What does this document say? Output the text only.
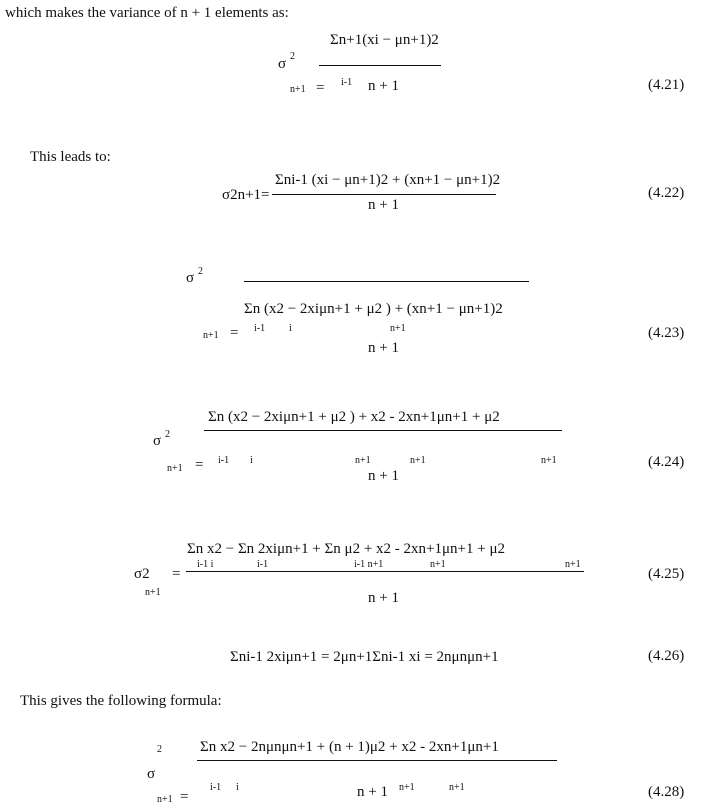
which makes the variance of n + 1 elements as:
σ 2
n+1 =
Σn+1(xi − μn+1)2
i-1 n + 1	(4.21)
This leads to:
σ2n+1 =
Σni-1 (xi − μn+1)2 + (xn+1 − μn+1)2
n + 1
(4.22)
σ 2
Σn (x2 − 2xiμn+1 + μ2 ) + (xn+1 − μn+1)2
i-1 i	n+1
n+1 =
n + 1
(4.23)
Σn (x2 − 2xiμn+1 + μ2 ) + x2 - 2xn+1μn+1 + μ2
σ 2
n+1 = i-1 i	n+1	n+1	n+1
n + 1
(4.24)
Σn x2 − Σn 2xiμn+1 + Σn μ2 + x2 - 2xn+1μn+1 + μ2
i-1 i	i-1	i-1 n+1	n+1	n+1
σ2
n+1
=
n + 1
(4.25)
Σni-1 2xiμn+1 = 2μn+1Σni-1 xi = 2nμnμn+1	(4.26)
This gives the following formula:
2	Σn x2 − 2nμnμn+1 + (n + 1)μ2 + x2 - 2xn+1μn+1
σ
i-1 i	n + 1 n+1	n+1
n+1 =	(4.28)
